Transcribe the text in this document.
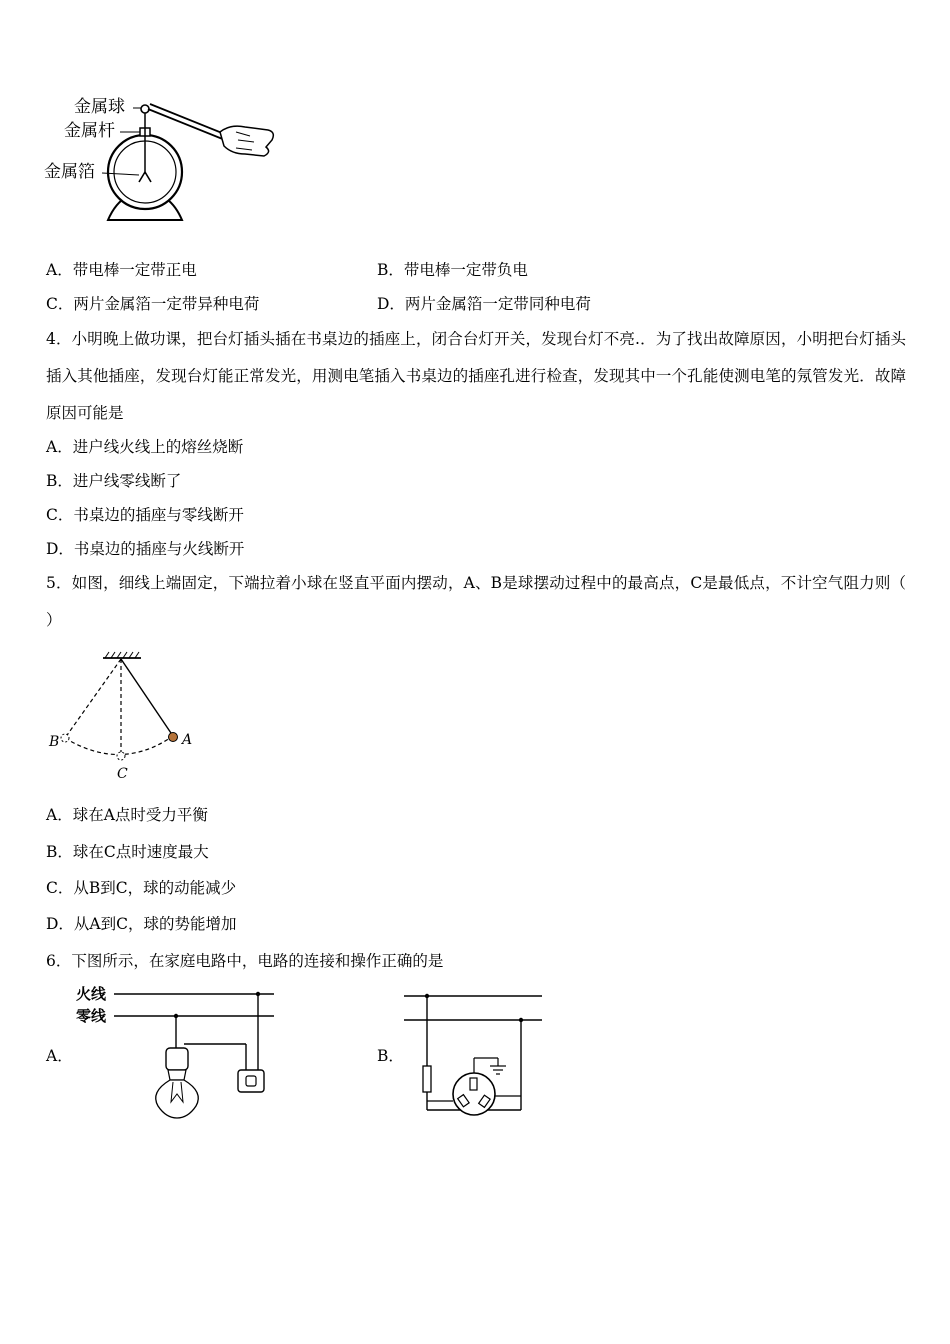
金属球
金属杆
金属箔
A．带电棒一定带正电	B．带电棒一定带负电
C．两片金属箔一定带异种电荷	D．两片金属箔一定带同种电荷
4．小明晚上做功课，把台灯插头插在书桌边的插座上，闭合台灯开关，发现台灯不亮.．为了找出故障原因，小明把台灯插头插入其他插座，发现台灯能正常发光，用测电笔插入书桌边的插座孔进行检查，发现其中一个孔能使测电笔的氖管发光．故障原因可能是
A．进户线火线上的熔丝烧断
B．进户线零线断了
C．书桌边的插座与零线断开
D．书桌边的插座与火线断开
5．如图，细线上端固定，下端拉着小球在竖直平面内摆动，A、B是球摆动过程中的最高点，C是最低点，不计空气阻力则（ ）
B	A
C
A．球在A点时受力平衡
B．球在C点时速度最大
C．从B到C，球的动能减少
D．从A到C，球的势能增加
6．下图所示，在家庭电路中，电路的连接和操作正确的是
A．
火线
零线
B．
